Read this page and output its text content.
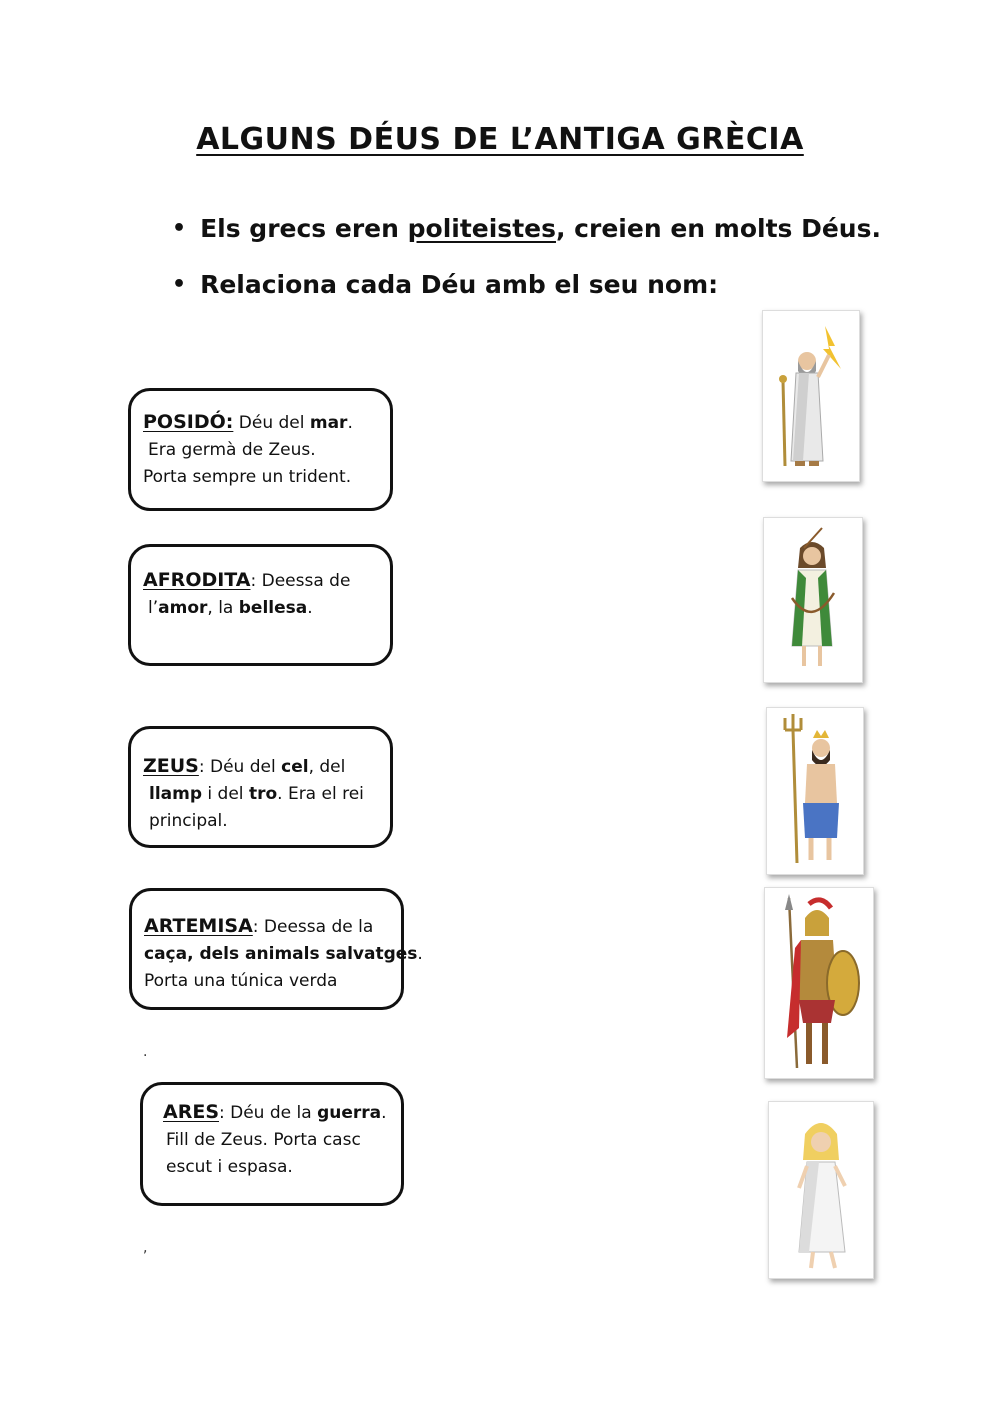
ALGUNS DÉUS DE L’ANTIGA GRÈCIA
• Els grecs eren politeistes, creien en molts Déus.
• Relaciona cada Déu amb el seu nom:
POSIDÓ: Déu del mar.
Era germà de Zeus.
Porta sempre un trident.
AFRODITA: Deessa de
l’amor, la bellesa.
ZEUS: Déu del cel, del
llamp i del tro. Era el rei
principal.
ARTEMISA: Deessa de la
caça, dels animals salvatges.
Porta una túnica verda
.
ARES: Déu de la guerra.
Fill de Zeus. Porta casc
escut i espasa.
,
